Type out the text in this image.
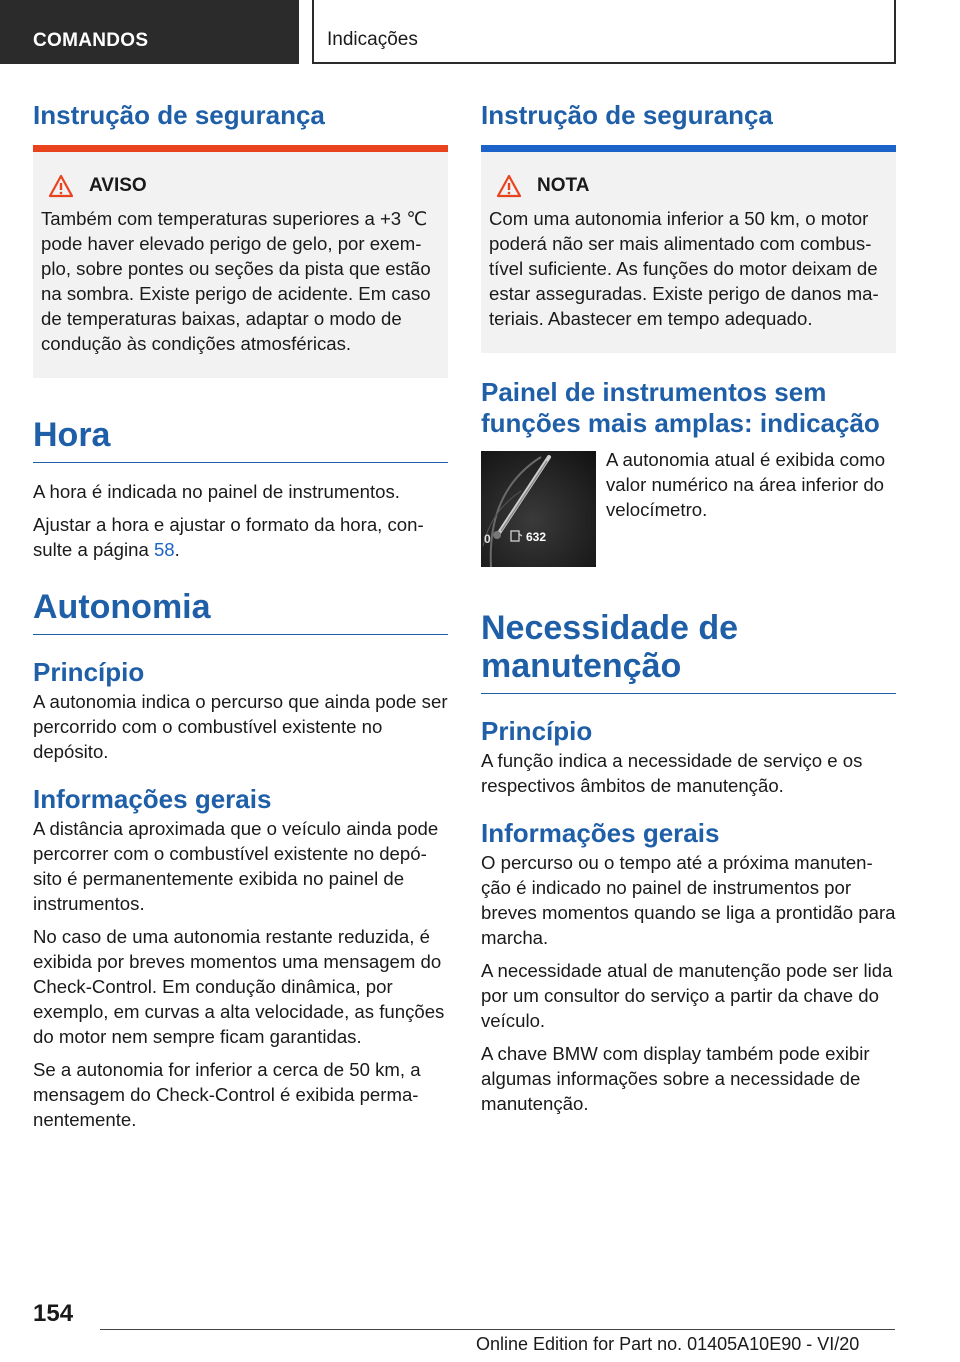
COMANDOS	Indicações
Instrução de segurança
AVISO

Também com temperaturas superiores a +3 ℃ pode haver elevado perigo de gelo, por exemplo, sobre pontes ou seções da pista que estão na sombra. Existe perigo de acidente. Em caso de temperaturas baixas, adaptar o modo de condução às condições atmosféricas.

Hora

A hora é indicada no painel de instrumentos.

Ajustar a hora e ajustar o formato da hora, consulte a página 58.

Autonomia
Princípio

A autonomia indica o percurso que ainda pode ser percorrido com o combustível existente no depósito.

Informações gerais

A distância aproximada que o veículo ainda pode percorrer com o combustível existente no depósito é permanentemente exibida no painel de instrumentos.

No caso de uma autonomia restante reduzida, é exibida por breves momentos uma mensagem do Check-Control. Em condução dinâmica, por exemplo, em curvas a alta velocidade, as funções do motor nem sempre ficam garantidas.

Se a autonomia for inferior a cerca de 50 km, a mensagem do Check-Control é exibida permanentemente.

Instrução de segurança
NOTA

Com uma autonomia inferior a 50 km, o motor poderá não ser mais alimentado com combustível suficiente. As funções do motor deixam de estar asseguradas. Existe perigo de danos materiais. Abastecer em tempo adequado.

Painel de instrumentos sem funções mais amplas: indicação
0	632

A autonomia atual é exibida como valor numérico na área inferior do velocímetro.

Necessidade de manutenção
Princípio

A função indica a necessidade de serviço e os respectivos âmbitos de manutenção.

Informações gerais

O percurso ou o tempo até a próxima manutenção é indicado no painel de instrumentos por breves momentos quando se liga a prontidão para marcha.

A necessidade atual de manutenção pode ser lida por um consultor do serviço a partir da chave do veículo.

A chave BMW com display também pode exibir algumas informações sobre a necessidade de manutenção.

154
Online Edition for Part no. 01405A10E90 - VI/20
